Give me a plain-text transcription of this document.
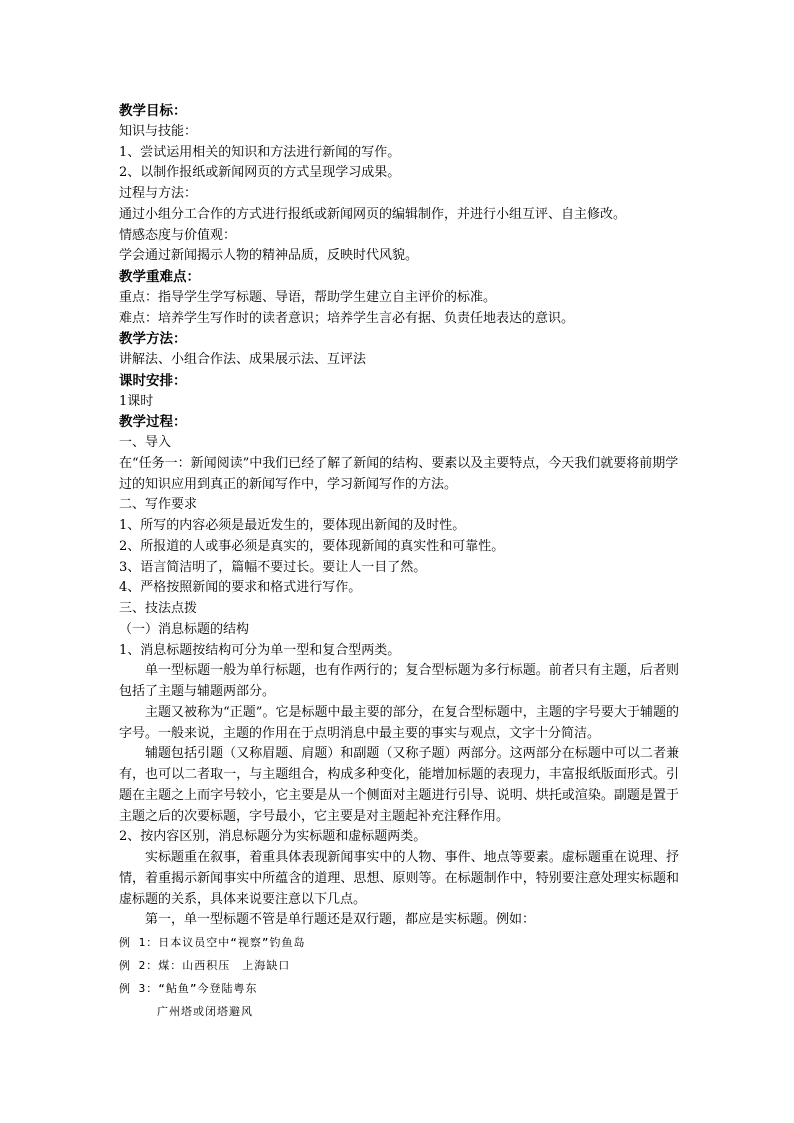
教学目标：
知识与技能：
1、尝试运用相关的知识和方法进行新闻的写作。
2、以制作报纸或新闻网页的方式呈现学习成果。
过程与方法：
通过小组分工合作的方式进行报纸或新闻网页的编辑制作，并进行小组互评、自主修改。
情感态度与价值观：
学会通过新闻揭示人物的精神品质，反映时代风貌。
教学重难点：
重点：指导学生学写标题、导语，帮助学生建立自主评价的标准。
难点：培养学生写作时的读者意识；培养学生言必有据、负责任地表达的意识。
教学方法：
讲解法、小组合作法、成果展示法、互评法
课时安排：
1课时
教学过程：
一、导入
在“任务一：新闻阅读”中我们已经了解了新闻的结构、要素以及主要特点，今天我们就要将前期学过的知识应用到真正的新闻写作中，学习新闻写作的方法。
二、写作要求
1、所写的内容必须是最近发生的，要体现出新闻的及时性。
2、所报道的人或事必须是真实的，要体现新闻的真实性和可靠性。
3、语言简洁明了，篇幅不要过长。要让人一目了然。
4、严格按照新闻的要求和格式进行写作。
三、技法点拨
（一）消息标题的结构
1、消息标题按结构可分为单一型和复合型两类。
单一型标题一般为单行标题，也有作两行的；复合型标题为多行标题。前者只有主题，后者则包括了主题与辅题两部分。
主题又被称为“正题”。它是标题中最主要的部分，在复合型标题中，主题的字号要大于辅题的字号。一般来说，主题的作用在于点明消息中最主要的事实与观点，文字十分简洁。
辅题包括引题（又称眉题、肩题）和副题（又称子题）两部分。这两部分在标题中可以二者兼有，也可以二者取一，与主题组合，构成多种变化，能增加标题的表现力，丰富报纸版面形式。引题在主题之上而字号较小，它主要是从一个侧面对主题进行引导、说明、烘托或渲染。副题是置于主题之后的次要标题，字号最小，它主要是对主题起补充注释作用。
2、按内容区别，消息标题分为实标题和虚标题两类。
实标题重在叙事，着重具体表现新闻事实中的人物、事件、地点等要素。虚标题重在说理、抒情，着重揭示新闻事实中所蕴含的道理、思想、原则等。在标题制作中，特别要注意处理实标题和虚标题的关系，具体来说要注意以下几点。
第一，单一型标题不管是单行题还是双行题，都应是实标题。例如：
例 1：日本议员空中“视察”钓鱼岛
例 2：煤：山西积压　上海缺口
例 3：“鲇鱼”今登陆粤东
广州塔或闭塔避风
